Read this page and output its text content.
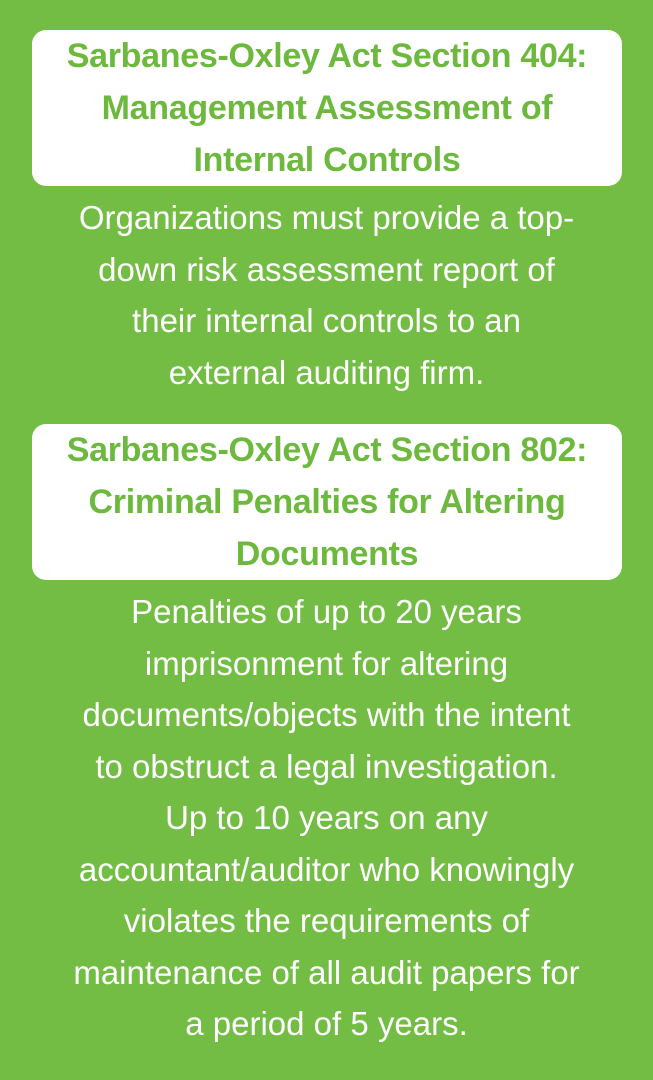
Sarbanes-Oxley Act Section 404:
Management Assessment of
Internal Controls

Organizations must provide a top-
down risk assessment report of
their internal controls to an
external auditing firm.

Sarbanes-Oxley Act Section 802:
Criminal Penalties for Altering
Documents

Penalties of up to 20 years
imprisonment for altering
documents/objects with the intent
to obstruct a legal investigation.
Up to 10 years on any
accountant/auditor who knowingly
violates the requirements of
maintenance of all audit papers for
a period of 5 years.
